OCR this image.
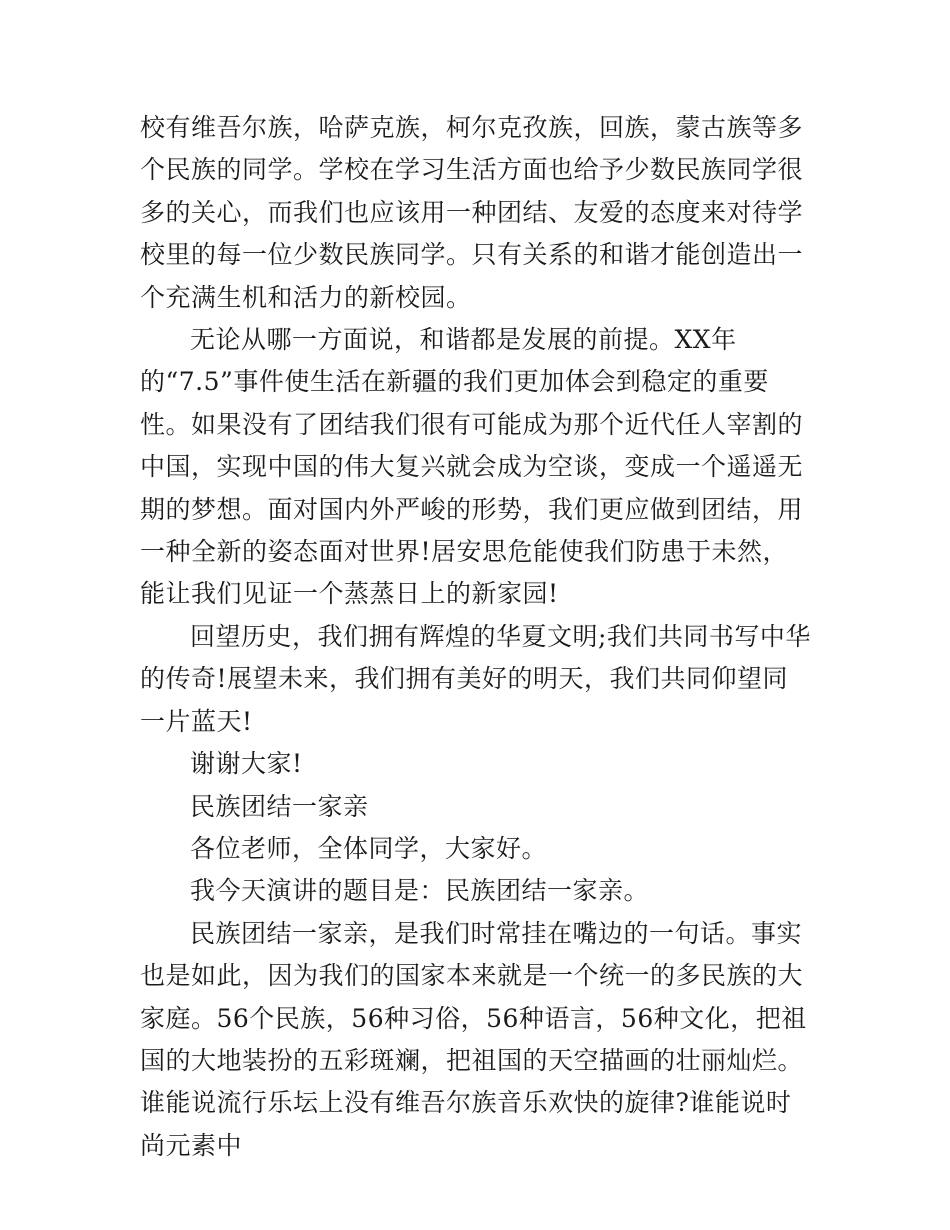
校有维吾尔族，哈萨克族，柯尔克孜族，回族，蒙古族等多个民族的同学。学校在学习生活方面也给予少数民族同学很多的关心，而我们也应该用一种团结、友爱的态度来对待学校里的每一位少数民族同学。只有关系的和谐才能创造出一个充满生机和活力的新校园。

无论从哪一方面说，和谐都是发展的前提。XX年
的“7.5”事件使生活在新疆的我们更加体会到稳定的重要性。如果没有了团结我们很有可能成为那个近代任人宰割的中国，实现中国的伟大复兴就会成为空谈，变成一个遥遥无期的梦想。面对国内外严峻的形势，我们更应做到团结，用一种全新的姿态面对世界!居安思危能使我们防患于未然，能让我们见证一个蒸蒸日上的新家园!

回望历史，我们拥有辉煌的华夏文明;我们共同书写中华的传奇!展望未来，我们拥有美好的明天，我们共同仰望同一片蓝天!

谢谢大家!

民族团结一家亲

各位老师，全体同学，大家好。

我今天演讲的题目是：民族团结一家亲。

民族团结一家亲，是我们时常挂在嘴边的一句话。事实也是如此，因为我们的国家本来就是一个统一的多民族的大家庭。56个民族，56种习俗，56种语言，56种文化，把祖国的大地装扮的五彩斑斓，把祖国的天空描画的壮丽灿烂。谁能说流行乐坛上没有维吾尔族音乐欢快的旋律?谁能说时尚元素中
